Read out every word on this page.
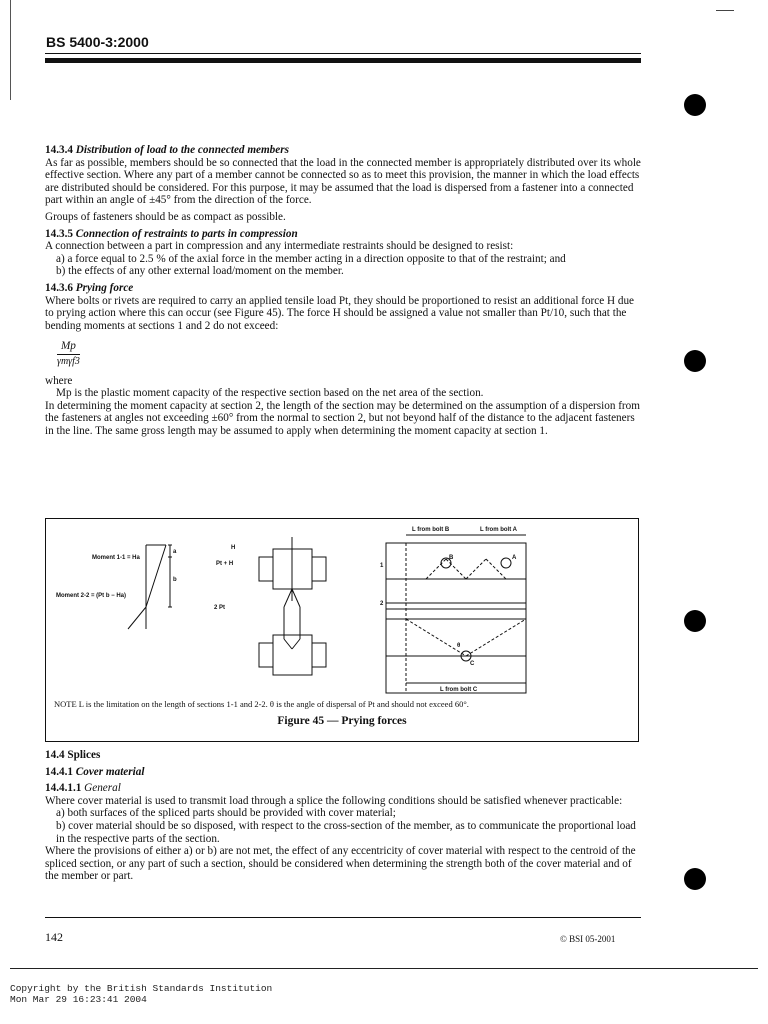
BS 5400-3:2000

14.3.4 Distribution of load to the connected members

As far as possible, members should be so connected that the load in the connected member is appropriately distributed over its whole effective section. Where any part of a member cannot be connected so as to meet this provision, the manner in which the load effects are distributed should be considered. For this purpose, it may be assumed that the load is dispersed from a fastener into a connected part within an angle of ±45° from the direction of the force.

Groups of fasteners should be as compact as possible.

14.3.5 Connection of restraints to parts in compression

A connection between a part in compression and any intermediate restraints should be designed to resist:

a) a force equal to 2.5 % of the axial force in the member acting in a direction opposite to that of the restraint; and

b) the effects of any other external load/moment on the member.

14.3.6 Prying force

Where bolts or rivets are required to carry an applied tensile load Pt, they should be proportioned to resist an additional force H due to prying action where this can occur (see Figure 45). The force H should be assigned a value not smaller than Pt/10, such that the bending moments at sections 1 and 2 do not exceed:

$\frac{Mp}{\text{γmγf3}}$

where

Mp is the plastic moment capacity of the respective section based on the net area of the section.

In determining the moment capacity at section 2, the length of the section may be determined on the assumption of a dispersion from the fasteners at angles not exceeding ±60° from the normal to section 2, but not beyond half of the distance to the adjacent fasteners in the line. The same gross length may be assumed to apply when determining the moment capacity at section 1.

Moment 1-1 = Ha
Moment 2-2 = (Pt b − Ha)
a
b
H
Pt + H
2 Pt
L from bolt B	L from bolt A
L from bolt C
1
2
B	A
C
θ
NOTE L is the limitation on the length of sections 1-1 and 2-2. θ is the angle of dispersal of Pt and should not exceed 60°.
Figure 45 — Prying forces

14.4 Splices

14.4.1 Cover material

14.4.1.1 General

Where cover material is used to transmit load through a splice the following conditions should be satisfied whenever practicable:

a) both surfaces of the spliced parts should be provided with cover material;

b) cover material should be so disposed, with respect to the cross-section of the member, as to communicate the proportional load in the respective parts of the section.

Where the provisions of either a) or b) are not met, the effect of any eccentricity of cover material with respect to the centroid of the spliced section, or any part of such a section, should be considered when determining the strength both of the cover material and of the member or part.

142	© BSI 05-2001
Copyright by the British Standards Institution
Mon Mar 29 16:23:41 2004
